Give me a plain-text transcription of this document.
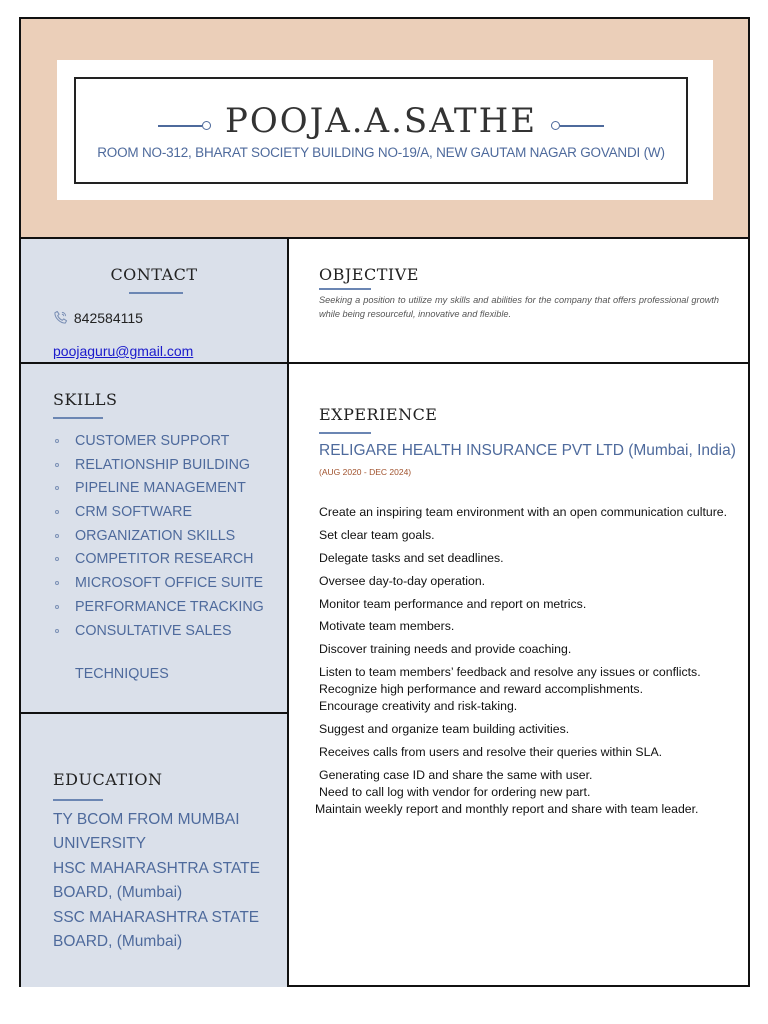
POOJA.A.SATHE
ROOM NO-312, BHARAT SOCIETY BUILDING NO-19/A, NEW GAUTAM NAGAR GOVANDI (W)
CONTACT
842584115
poojaguru@gmail.com
SKILLS
CUSTOMER SUPPORT
RELATIONSHIP BUILDING
PIPELINE MANAGEMENT
CRM SOFTWARE
ORGANIZATION SKILLS
COMPETITOR RESEARCH
MICROSOFT OFFICE SUITE
PERFORMANCE TRACKING
CONSULTATIVE SALES
TECHNIQUES
EDUCATION
TY BCOM FROM MUMBAI UNIVERSITY
HSC MAHARASHTRA STATE BOARD, (Mumbai)
SSC MAHARASHTRA STATE BOARD, (Mumbai)
OBJECTIVE
Seeking a position to utilize my skills and abilities for the company that offers professional growth while being resourceful, innovative and flexible.
EXPERIENCE
RELIGARE HEALTH INSURANCE PVT LTD (Mumbai, India)
(AUG 2020 - DEC 2024)
Create an inspiring team environment with an open communication culture.
Set clear team goals.
Delegate tasks and set deadlines.
Oversee day-to-day operation.
Monitor team performance and report on metrics.
Motivate team members.
Discover training needs and provide coaching.
Listen to team members’ feedback and resolve any issues or conflicts.
Recognize high performance and reward accomplishments.
Encourage creativity and risk-taking.
Suggest and organize team building activities.
Receives calls from users and resolve their queries within SLA.
Generating case ID and share the same with user.
Need to call log with vendor for ordering new part.
Maintain weekly report and monthly report and share with team leader.
